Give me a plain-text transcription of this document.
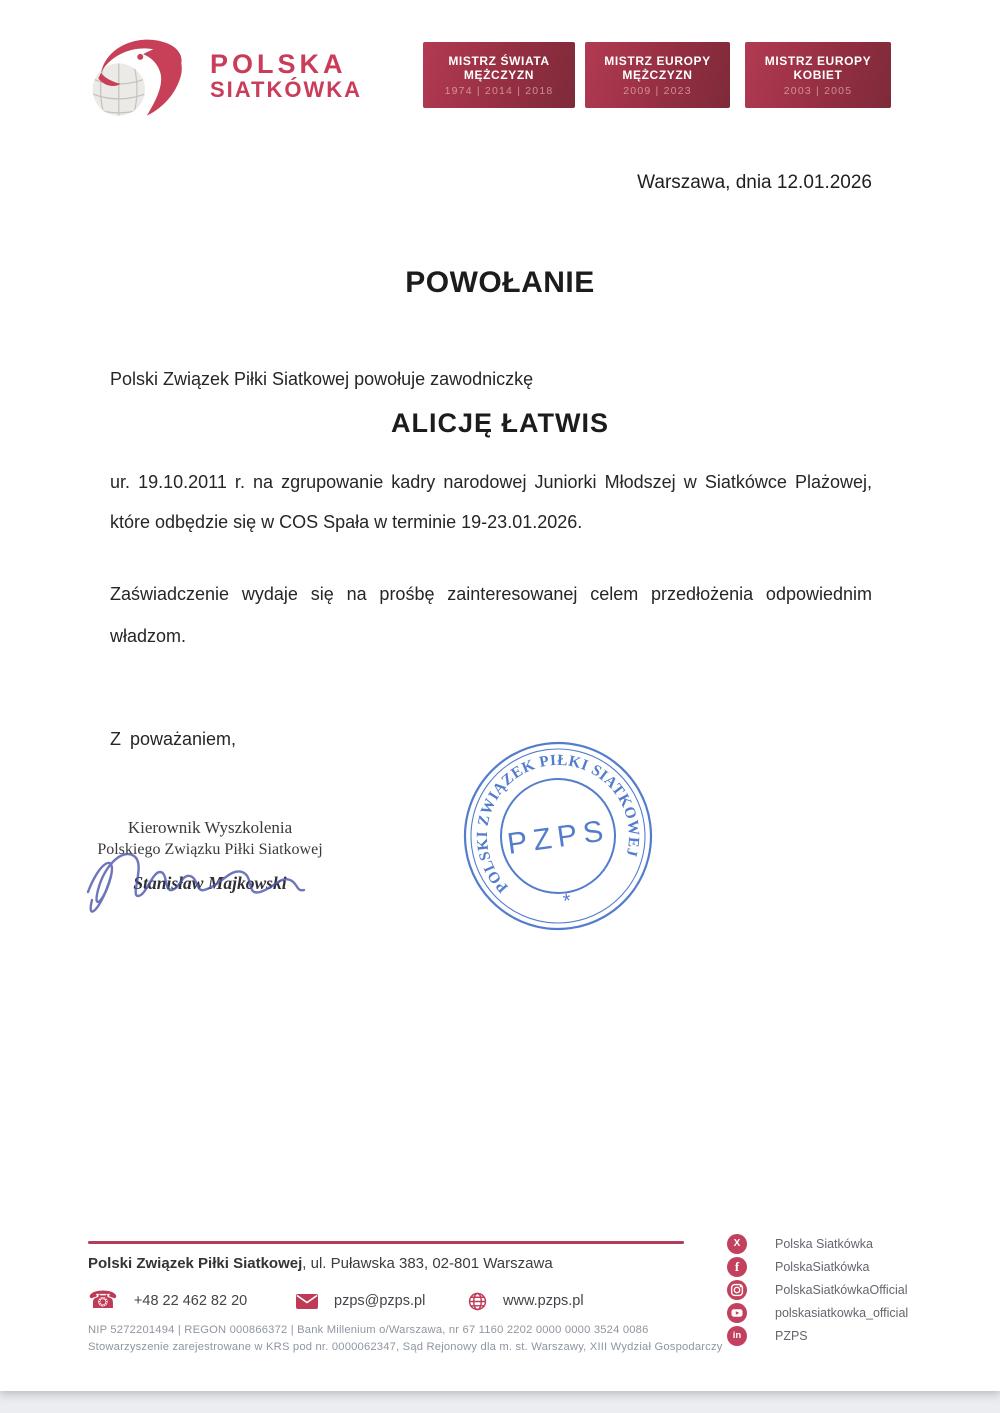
POLSKA
SIATKÓWKA
MISTRZ ŚWIATA
MĘŻCZYZN
1974 | 2014 | 2018
MISTRZ EUROPY
MĘŻCZYZN
2009 | 2023
MISTRZ EUROPY
KOBIET
2003 | 2005
Warszawa, dnia 12.01.2026
POWOŁANIE
Polski Związek Piłki Siatkowej powołuje zawodniczkę
ALICJĘ ŁATWIS
ur. 19.10.2011 r. na zgrupowanie kadry narodowej Juniorki Młodszej w Siatkówce Plażowej, które odbędzie się w COS Spała w terminie 19-23.01.2026.
Zaświadczenie wydaje się na prośbę zainteresowanej celem przedłożenia odpowiednim władzom.
Z poważaniem,
Kierownik Wyszkolenia
Polskiego Związku Piłki Siatkowej
Stanisław Majkowski	POLSKI ZWIĄZEK PIŁKI SIATKOWEJ
PZPS
*
Polski Związek Piłki Siatkowej, ul. Puławska 383, 02-801 Warszawa
☎ +48 22 462 82 20	pzps@pzps.pl	www.pzps.pl
NIP 5272201494 | REGON 000866372 | Bank Millenium o/Warszawa, nr 67 1160 2202 0000 0000 3524 0086
Stowarzyszenie zarejestrowane w KRS pod nr. 0000062347, Sąd Rejonowy dla m. st. Warszawy, XIII Wydział Gospodarczy
X	Polska Siatkówka
f	PolskaSiatkówka
PolskaSiatkówkaOfficial
polskasiatkowka_official
in	PZPS
